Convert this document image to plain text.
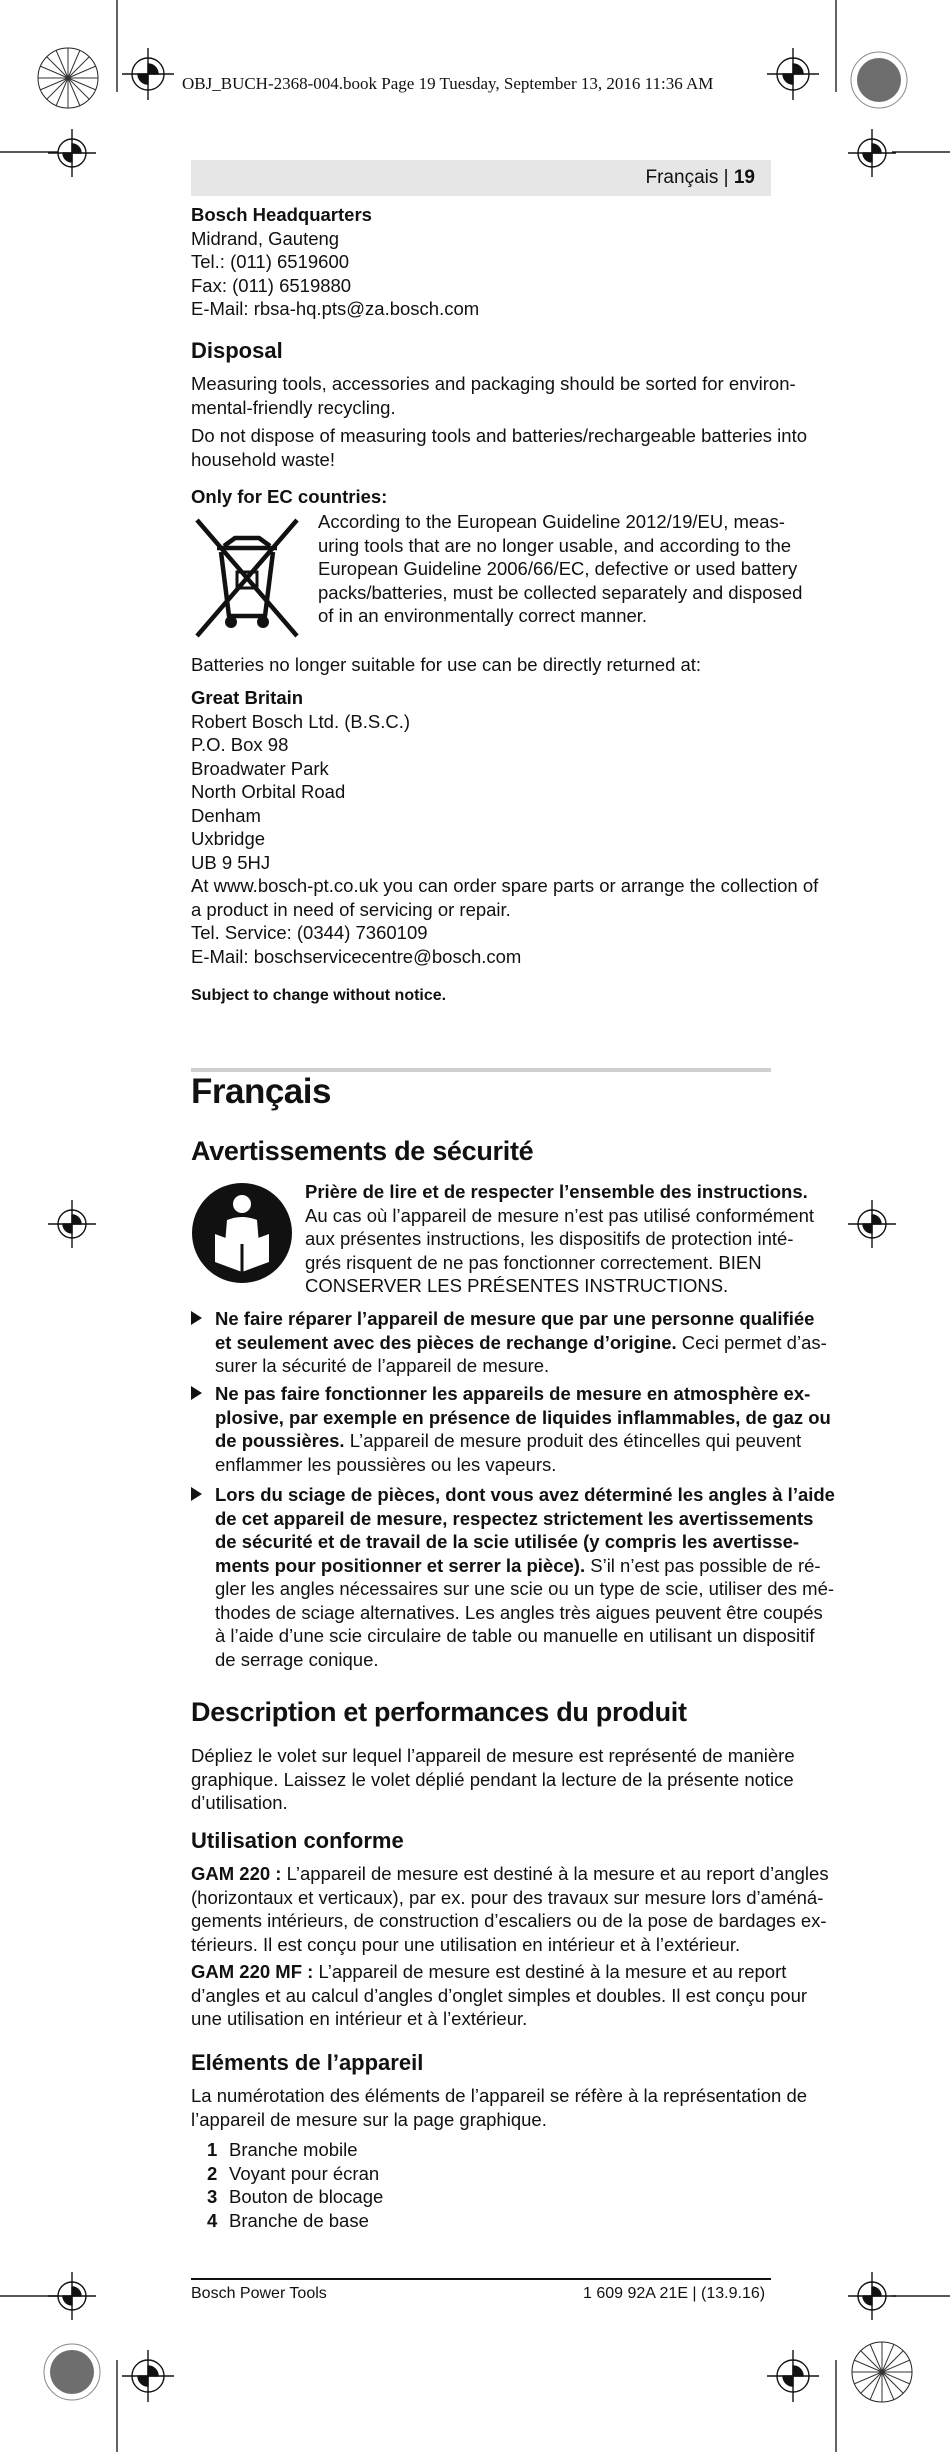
OBJ_BUCH-2368-004.book Page 19 Tuesday, September 13, 2016 11:36 AM
Français | 19
Bosch Headquarters
Midrand, Gauteng
Tel.: (011) 6519600
Fax: (011) 6519880
E-Mail: rbsa-hq.pts@za.bosch.com
Disposal
Measuring tools, accessories and packaging should be sorted for environ-
mental-friendly recycling.
Do not dispose of measuring tools and batteries/rechargeable batteries into
household waste!
Only for EC countries:
According to the European Guideline 2012/19/EU, meas-
uring tools that are no longer usable, and according to the
European Guideline 2006/66/EC, defective or used battery
packs/batteries, must be collected separately and disposed
of in an environmentally correct manner.
Batteries no longer suitable for use can be directly returned at:
Great Britain
Robert Bosch Ltd. (B.S.C.)
P.O. Box 98
Broadwater Park
North Orbital Road
Denham
Uxbridge
UB 9 5HJ
At www.bosch-pt.co.uk you can order spare parts or arrange the collection of
a product in need of servicing or repair.
Tel. Service: (0344) 7360109
E-Mail: boschservicecentre@bosch.com
Subject to change without notice.
Français
Avertissements de sécurité
Prière de lire et de respecter l’ensemble des instructions.
Au cas où l’appareil de mesure n’est pas utilisé conformément
aux présentes instructions, les dispositifs de protection inté-
grés risquent de ne pas fonctionner correctement. BIEN
CONSERVER LES PRÉSENTES INSTRUCTIONS.
Ne faire réparer l’appareil de mesure que par une personne qualifiée
et seulement avec des pièces de rechange d’origine. Ceci permet d’as-
surer la sécurité de l’appareil de mesure.
Ne pas faire fonctionner les appareils de mesure en atmosphère ex-
plosive, par exemple en présence de liquides inflammables, de gaz ou
de poussières. L’appareil de mesure produit des étincelles qui peuvent
enflammer les poussières ou les vapeurs.
Lors du sciage de pièces, dont vous avez déterminé les angles à l’aide
de cet appareil de mesure, respectez strictement les avertissements
de sécurité et de travail de la scie utilisée (y compris les avertisse-
ments pour positionner et serrer la pièce). S’il n’est pas possible de ré-
gler les angles nécessaires sur une scie ou un type de scie, utiliser des mé-
thodes de sciage alternatives. Les angles très aigues peuvent être coupés
à l’aide d’une scie circulaire de table ou manuelle en utilisant un dispositif
de serrage conique.
Description et performances du produit
Dépliez le volet sur lequel l’appareil de mesure est représenté de manière
graphique. Laissez le volet déplié pendant la lecture de la présente notice
d’utilisation.
Utilisation conforme
GAM 220 : L’appareil de mesure est destiné à la mesure et au report d’angles
(horizontaux et verticaux), par ex. pour des travaux sur mesure lors d’améná-
gements intérieurs, de construction d’escaliers ou de la pose de bardages ex-
térieurs. Il est conçu pour une utilisation en intérieur et à l’extérieur.
GAM 220 MF : L’appareil de mesure est destiné à la mesure et au report
d’angles et au calcul d’angles d’onglet simples et doubles. Il est conçu pour
une utilisation en intérieur et à l’extérieur.
Eléments de l’appareil
La numérotation des éléments de l’appareil se réfère à la représentation de
l’appareil de mesure sur la page graphique.
1 Branche mobile
2 Voyant pour écran
3 Bouton de blocage
4 Branche de base
Bosch Power Tools	1 609 92A 21E | (13.9.16)
